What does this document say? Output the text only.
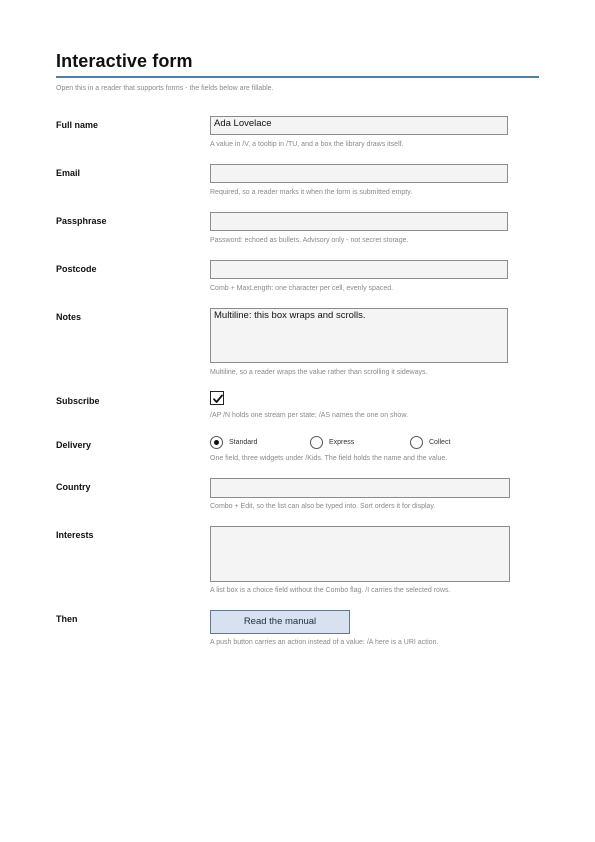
Interactive form
Open this in a reader that supports forms - the fields below are fillable.
Full name	Ada Lovelace
A value in /V, a tooltip in /TU, and a box the library draws itself.
Email
Required, so a reader marks it when the form is submitted empty.
Passphrase
Password: echoed as bullets. Advisory only - not secret storage.
Postcode
Comb + MaxLength: one character per cell, evenly spaced.
Notes	Multiline: this box wraps and scrolls.
Multiline, so a reader wraps the value rather than scrolling it sideways.
Subscribe
/AP /N holds one stream per state; /AS names the one on show.
Delivery	Standard	Express	Collect
One field, three widgets under /Kids. The field holds the name and the value.
Country
Combo + Edit, so the list can also be typed into. Sort orders it for display.
Interests
A list box is a choice field without the Combo flag. /I carries the selected rows.
Then	Read the manual
A push button carries an action instead of a value: /A here is a URI action.
